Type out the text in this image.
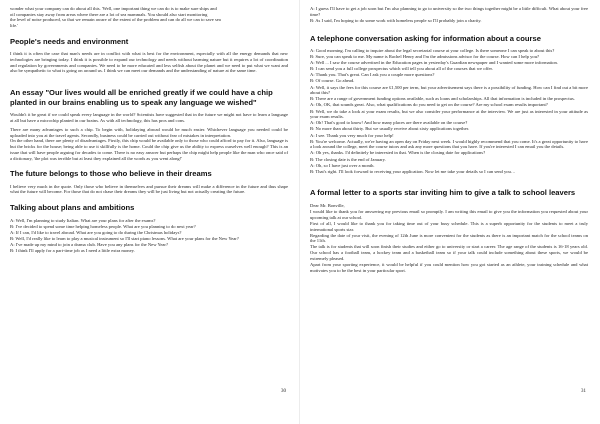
wonder what your company can do about all this. 'Well, one important thing we can do is to make sure ships and
oil companies stay away from areas where there are a lot of sea mammals. You should also start monitoring
the level of noise produced, so that we remain aware of the extent of the problem and can do all we can to save sea
life.'

People's needs and environment

I think it is often the case that man's needs are in conflict with what is best for the environment, especially with all the energy demands that new technologies are bringing today. I think it is possible to expand our technology and needs without harming nature but it requires a lot of coordination and regulation by governments and companies. We need to be more educated and less selfish about the planet and we need to put what we want and also be sympathetic to what is going on around us. I think we can meet our demands and the understanding of nature at the same time.

An essay "Our lives would all be enriched greatly if we could have a chip planted in our brains enabling us to speak any language we wished"

Wouldn't it be great if we could speak every language in the world? Scientists have suggested that in the future we might not have to learn a language at all but have a microchip planted in our brains. As with all technology, this has pros and cons.

There are many advantages to such a chip. To begin with, holidaying abroad would be much easier. Whichever language you needed could be uploaded into you at the travel agents. Secondly, business could be carried out without fear of mistakes in interpretation.

On the other hand, there are plenty of disadvantages. Firstly, this chip would be available only to those who could afford to pay for it. Also, language is but the bricks for the house; being able to use it skillfully is the home. Could the chip give us the ability to express ourselves well enough? This is an issue that will have people arguing for decades to come. There is no easy answer but perhaps the chip might help people like the man who once said of a dictionary, 'the plot was terrible but at least they explained all the words as you went along!'

The future belongs to those who believe in their dreams

I believe very much in the quote. Only those who believe in themselves and pursue their dreams will make a difference in the future and thus shape what the future will become. For those that do not chase their dreams they will be just living but not actually creating the future.

Talking about plans and ambitions

A: Well, I'm planning to study Italian. What are your plans for after the exams?

B: I've decided to spend some time helping homeless people. What are you planning to do next year?

A: If I can, I'd like to travel abroad. What are you going to do during the Christmas holidays?

B: Well, I'd really like to learn to play a musical instrument so I'll start piano lessons. What are your plans for the New Year?

A: I've made up my mind to join a drama club. Have you any plans for the New Year?

B: I think I'll apply for a part-time job as I need a little extra money.

30

A: I guess I'll have to get a job soon but I'm also planning to go to university so the two things together might be a little difficult. What about your free time?

B: As I said, I'm hoping to do some work with homeless people so I'll probably join a charity.

A telephone conversation asking for information about a course

A: Good morning. I'm calling to inquire about the legal secretarial course at your college. Is there someone I can speak to about this?

B: Sure, you can speak to me. My name is Rachel Henry and I'm the admissions advisor for the course. How can I help you?

A: Well ... I saw the course advertised in the Education pages in yesterday's Guardian newspaper and I wanted some more information.

B: I can send you a full college prospectus which will tell you about all of the courses that we offer.

A: Thank you. That's great. Can I ask you a couple more questions?

B: Of course. Go ahead.

A: Well, it says the fees for this course are £1,500 per term, but your advertisement says there is a possibility of funding. How can I find out a bit more about this?

B: There are a range of government funding options available, such as loans and scholarships. All that information is included in the prospectus.

A: Oh, OK, that sounds great. Also, what qualifications do you need to get on the course? Are my school exam results important?

B: Well, we do take a look at your exam results, but we also consider your performance at the interview. We are just as interested in your attitude as your exam results.

A: Oh! That's good to know! And how many places are there available on the course?

B: No more than about thirty. But we usually receive about sixty applications together.

A: I see. Thank you very much for your help!

B: You're welcome. Actually, we're having an open day on Friday next week. I would highly recommend that you come. It's a great opportunity to have a look around the college, meet the course tutors and ask any more questions that you have. If you're interested I can email you the details.

A: Oh yes, thanks. I'd definitely be interested in that. When is the closing date for applications?

B: The closing date is the end of January.

A: Oh, so I have just over a month.

B: That's right. I'll look forward to receiving your application. Now let me take your details so I can send you…

A formal letter to a sports star inviting him to give a talk to school leavers

Dear Mr. Bonville,

I would like to thank you for answering my previous email so promptly. I am writing this email to give you the information you requested about your upcoming talk at our school.

First of all, I would like to thank you for taking time out of your busy schedule. This is a superb opportunity for the students to meet a truly international sports star.

Regarding the date of your visit, the evening of 12th June is more convenient for the students as there is an important match for the school teams on the 11th.

The talk is for students that will soon finish their studies and either go to university or start a career. The age range of the students is 16-18 years old. Our school has a football team, a hockey team and a basketball team so if your talk could include something about these sports, we would be extremely pleased.

Apart from your sporting experience, it would be helpful if you could mention how you got started as an athlete, your training schedule and what motivates you to be the best in your particular sport.

31
